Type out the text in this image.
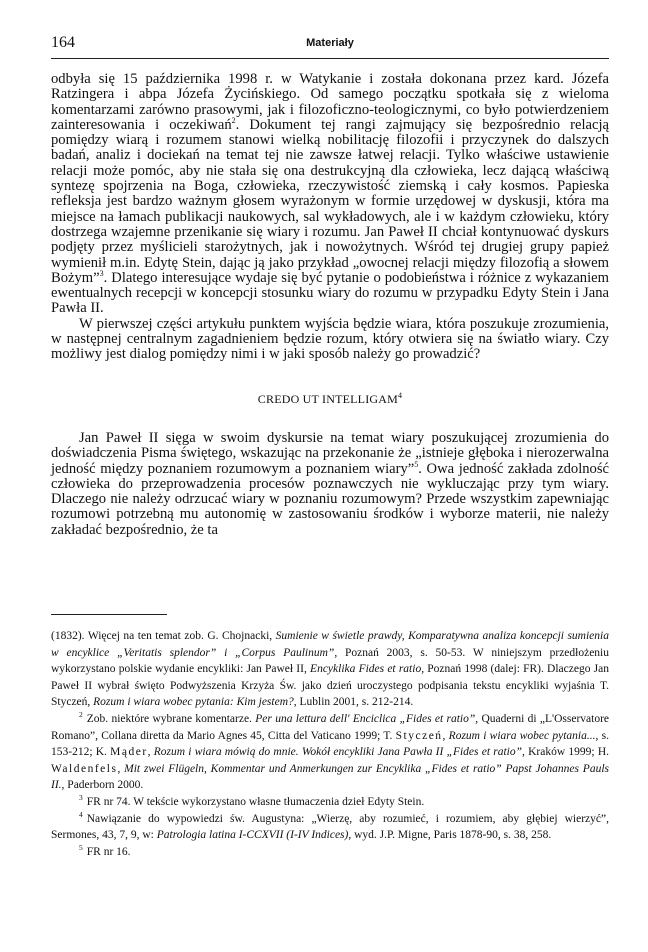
164	Materiały

odbyła się 15 października 1998 r. w Watykanie i została dokonana przez kard. Józefa Ratzingera i abpa Józefa Życińskiego. Od samego początku spotkała się z wieloma komentarzami zarówno prasowymi, jak i filozoficzno-teologicznymi, co było potwierdzeniem zainteresowania i oczekiwań$^2$. Dokument tej rangi zajmujący się bezpośrednio relacją pomiędzy wiarą i rozumem stanowi wielką nobilitację filozofii i przyczynek do dalszych badań, analiz i dociekań na temat tej nie zawsze łatwej relacji. Tylko właściwe ustawienie relacji może pomóc, aby nie stała się ona destrukcyjną dla człowieka, lecz dającą właściwą syntezę spojrzenia na Boga, człowieka, rzeczywistość ziemską i cały kosmos. Papieska refleksja jest bardzo ważnym głosem wyrażonym w formie urzędowej w dyskusji, która ma miejsce na łamach publikacji naukowych, sal wykładowych, ale i w każdym człowieku, który dostrzega wzajemne przenikanie się wiary i rozumu. Jan Paweł II chciał kontynuować dyskurs podjęty przez myślicieli starożytnych, jak i nowożytnych. Wśród tej drugiej grupy papież wymienił m.in. Edytę Stein, dając ją jako przykład „owocnej relacji między filozofią a słowem Bożym”$^3$. Dlatego interesujące wydaje się być pytanie o podobieństwa i różnice z wykazaniem ewentualnych recepcji w koncepcji stosunku wiary do rozumu w przypadku Edyty Stein i Jana Pawła II.

W pierwszej części artykułu punktem wyjścia będzie wiara, która poszukuje zrozumienia, w następnej centralnym zagadnieniem będzie rozum, który otwiera się na światło wiary. Czy możliwy jest dialog pomiędzy nimi i w jaki sposób należy go prowadzić?

CREDO UT INTELLIGAM$^4$

Jan Paweł II sięga w swoim dyskursie na temat wiary poszukującej zrozumienia do doświadczenia Pisma świętego, wskazując na przekonanie że „istnieje głęboka i nierozerwalna jedność między poznaniem rozumowym a poznaniem wiary”$^5$. Owa jedność zakłada zdolność człowieka do przeprowadzenia procesów poznawczych nie wykluczając przy tym wiary. Dlaczego nie należy odrzucać wiary w poznaniu rozumowym? Przede wszystkim zapewniając rozumowi potrzebną mu autonomię w zastosowaniu środków i wyborze materii, nie należy zakładać bezpośrednio, że ta

(1832). Więcej na ten temat zob. G. Chojnacki, Sumienie w świetle prawdy, Komparatywna analiza koncepcji sumienia w encyklice „Veritatis splendor” i „Corpus Paulinum”, Poznań 2003, s. 50-53. W niniejszym przedłożeniu wykorzystano polskie wydanie encykliki: Jan Paweł II, Encyklika Fides et ratio, Poznań 1998 (dalej: FR). Dlaczego Jan Paweł II wybrał święto Podwyższenia Krzyża Św. jako dzień uroczystego podpisania tekstu encykliki wyjaśnia T. Styczeń, Rozum i wiara wobec pytania: Kim jestem?, Lublin 2001, s. 212-214.

$^2$ Zob. niektóre wybrane komentarze. Per una lettura dell' Enciclica „Fides et ratio”, Quaderni di „L'Osservatore Romano”, Collana diretta da Mario Agnes 45, Citta del Vaticano 1999; T. Styczeń, Rozum i wiara wobec pytania..., s. 153-212; K. Mąder, Rozum i wiara mówią do mnie. Wokół encykliki Jana Pawła II „Fides et ratio”, Kraków 1999; H. Waldenfels, Mit zwei Flügeln, Kommentar und Anmerkungen zur Encyklika „Fides et ratio” Papst Johannes Pauls II., Paderborn 2000.

$^3$ FR nr 74. W tekście wykorzystano własne tłumaczenia dzieł Edyty Stein.

$^4$ Nawiązanie do wypowiedzi św. Augustyna: „Wierzę, aby rozumieć, i rozumiem, aby głębiej wierzyć”, Sermones, 43, 7, 9, w: Patrologia latina I-CCXVII (I-IV Indices), wyd. J.P. Migne, Paris 1878-90, s. 38, 258.

$^5$ FR nr 16.
